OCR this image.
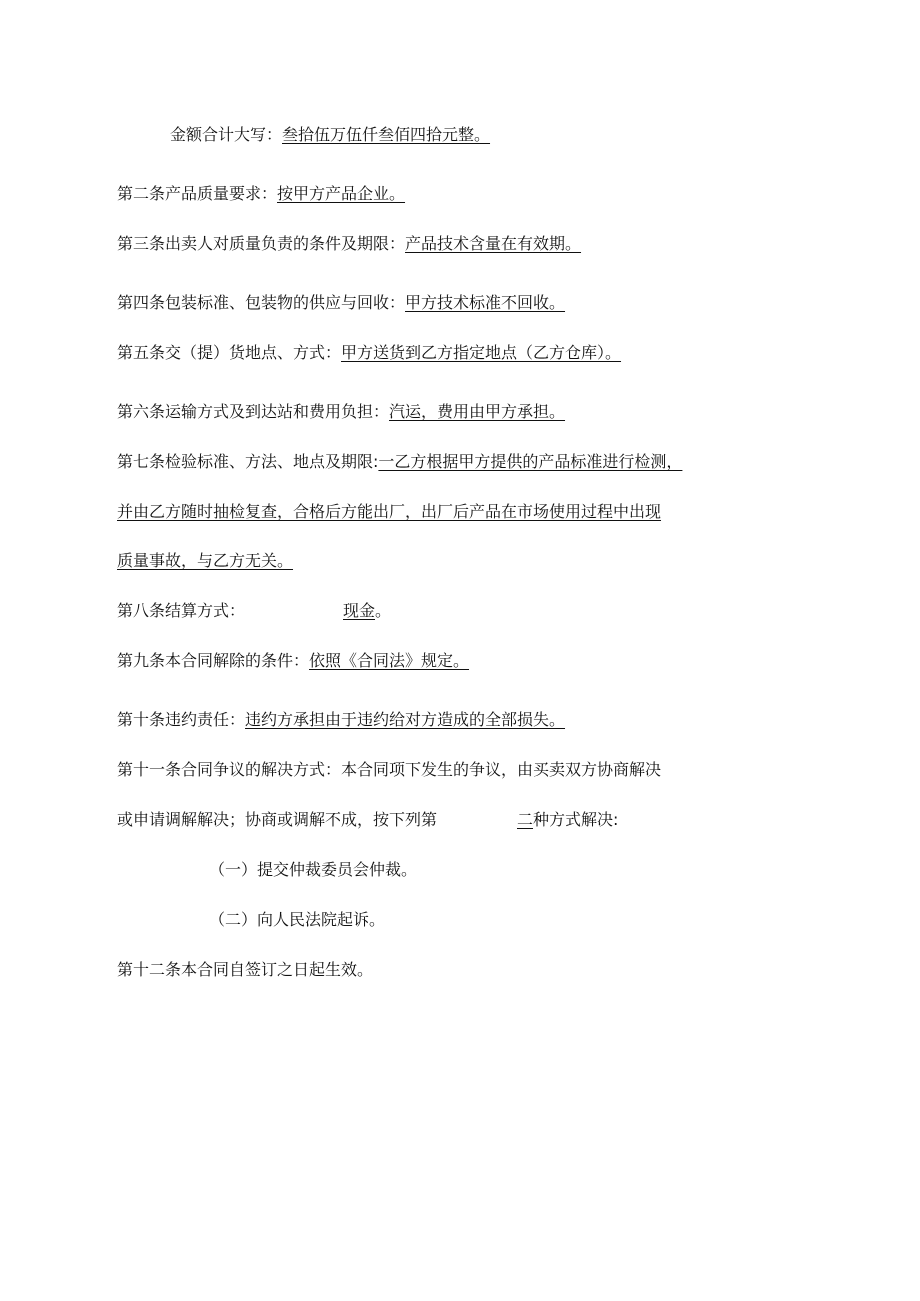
金额合计大写：叁拾伍万伍仟叁佰四拾元整。
第二条产品质量要求：按甲方产品企业。
第三条出卖人对质量负责的条件及期限：产品技术含量在有效期。
第四条包装标准、包装物的供应与回收：甲方技术标准不回收。
第五条交（提）货地点、方式：甲方送货到乙方指定地点（乙方仓库）。
第六条运输方式及到达站和费用负担：汽运，费用由甲方承担。
第七条检验标准、方法、地点及期限:一乙方根据甲方提供的产品标准进行检测，
并由乙方随时抽检复查，合格后方能出厂，出厂后产品在市场使用过程中出现
质量事故，与乙方无关。
第八条结算方式：	现金。
第九条本合同解除的条件：依照《合同法》规定。
第十条违约责任：违约方承担由于违约给对方造成的全部损失。
第十一条合同争议的解决方式：本合同项下发生的争议，由买卖双方协商解决
或申请调解解决；协商或调解不成，按下列第	二种方式解决:
（一）提交仲裁委员会仲裁。
（二）向人民法院起诉。
第十二条本合同自签订之日起生效。
